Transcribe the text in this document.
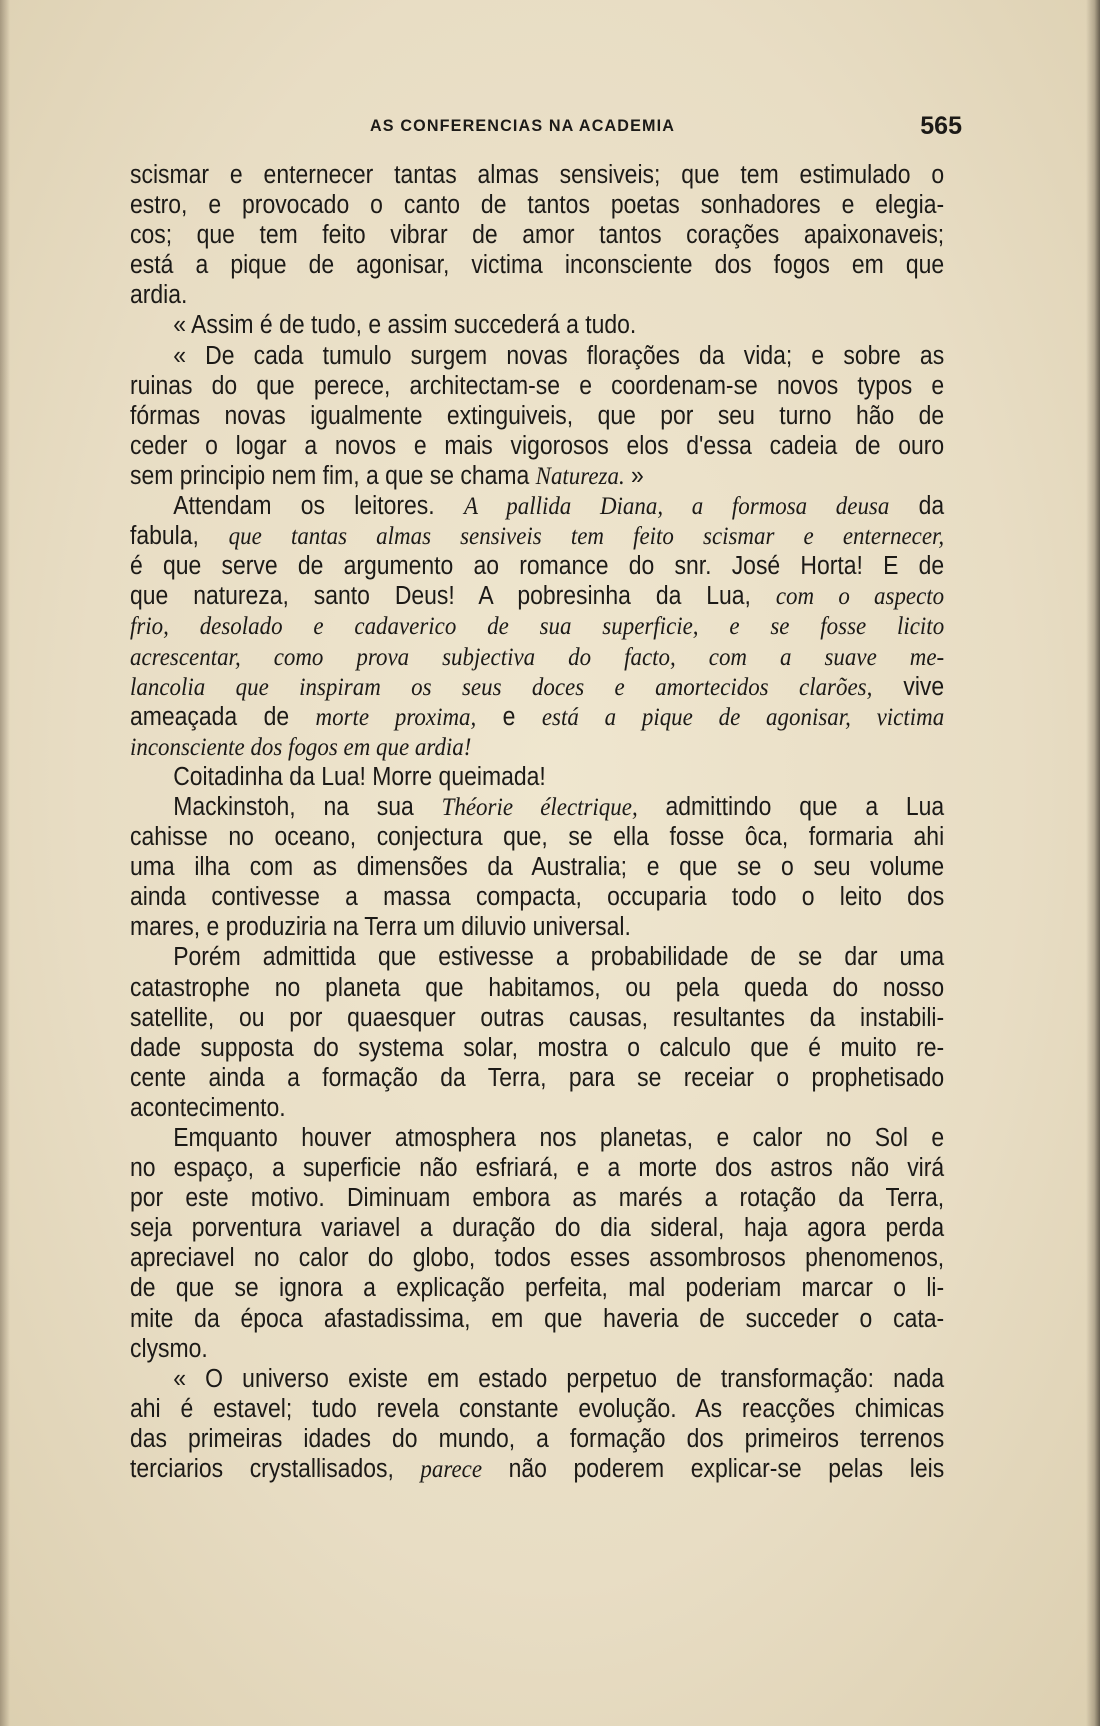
AS CONFERENCIAS NA ACADEMIA	565
scismar e enternecer tantas almas sensiveis; que tem estimulado o
estro, e provocado o canto de tantos poetas sonhadores e elegia-
cos; que tem feito vibrar de amor tantos corações apaixonaveis;
está a pique de agonisar, victima inconsciente dos fogos em que
ardia.
« Assim é de tudo, e assim succederá a tudo.
« De cada tumulo surgem novas florações da vida; e sobre as
ruinas do que perece, architectam-se e coordenam-se novos typos e
fórmas novas igualmente extinguiveis, que por seu turno hão de
ceder o logar a novos e mais vigorosos elos d'essa cadeia de ouro
sem principio nem fim, a que se chama Natureza. »
Attendam os leitores. A pallida Diana, a formosa deusa da
fabula, que tantas almas sensiveis tem feito scismar e enternecer,
é que serve de argumento ao romance do snr. José Horta! E de
que natureza, santo Deus! A pobresinha da Lua, com o aspecto
frio, desolado e cadaverico de sua superficie, e se fosse licito
acrescentar, como prova subjectiva do facto, com a suave me-
lancolia que inspiram os seus doces e amortecidos clarões, vive
ameaçada de morte proxima, e está a pique de agonisar, victima
inconsciente dos fogos em que ardia!
Coitadinha da Lua! Morre queimada!
Mackinstoh, na sua Théorie électrique, admittindo que a Lua
cahisse no oceano, conjectura que, se ella fosse ôca, formaria ahi
uma ilha com as dimensões da Australia; e que se o seu volume
ainda contivesse a massa compacta, occuparia todo o leito dos
mares, e produziria na Terra um diluvio universal.
Porém admittida que estivesse a probabilidade de se dar uma
catastrophe no planeta que habitamos, ou pela queda do nosso
satellite, ou por quaesquer outras causas, resultantes da instabili-
dade supposta do systema solar, mostra o calculo que é muito re-
cente ainda a formação da Terra, para se receiar o prophetisado
acontecimento.
Emquanto houver atmosphera nos planetas, e calor no Sol e
no espaço, a superficie não esfriará, e a morte dos astros não virá
por este motivo. Diminuam embora as marés a rotação da Terra,
seja porventura variavel a duração do dia sideral, haja agora perda
apreciavel no calor do globo, todos esses assombrosos phenomenos,
de que se ignora a explicação perfeita, mal poderiam marcar o li-
mite da época afastadissima, em que haveria de succeder o cata-
clysmo.
« O universo existe em estado perpetuo de transformação: nada
ahi é estavel; tudo revela constante evolução. As reacções chimicas
das primeiras idades do mundo, a formação dos primeiros terrenos
terciarios crystallisados, parece não poderem explicar-se pelas leis
